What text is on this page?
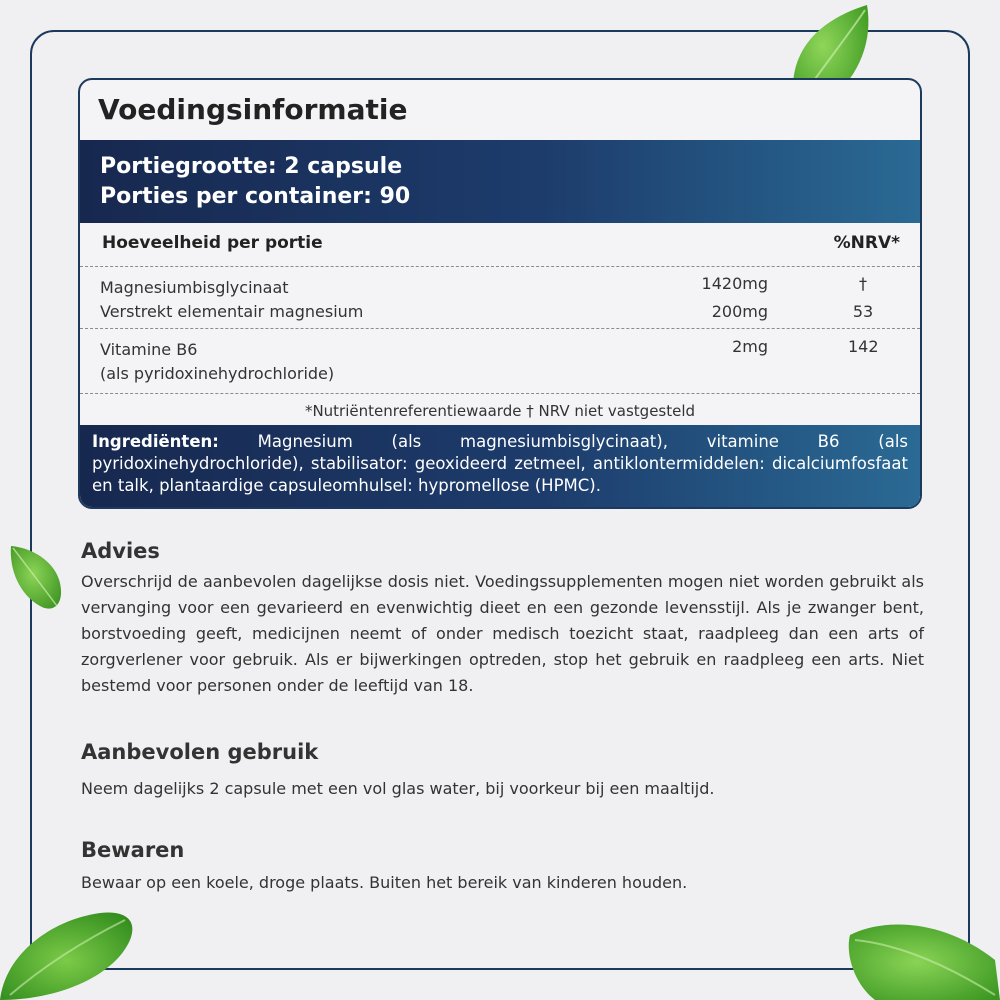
Voedingsinformatie
Portiegrootte: 2 capsule
Porties per container: 90
Hoeveelheid per portie	%NRV*
Magnesiumbisglycinaat	1420mg	†
Verstrekt elementair magnesium	200mg	53
Vitamine B6	2mg	142
(als pyridoxinehydrochloride)
*Nutriëntenreferentiewaarde † NRV niet vastgesteld
Ingrediënten: Magnesium (als magnesiumbisglycinaat), vitamine B6 (als pyridoxinehydrochloride), stabilisator: geoxideerd zetmeel, antiklontermiddelen: dicalciumfosfaat en talk, plantaardige capsuleomhulsel: hypromellose (HPMC).
Advies
Overschrijd de aanbevolen dagelijkse dosis niet. Voedingssupplementen mogen niet worden gebruikt als vervanging voor een gevarieerd en evenwichtig dieet en een gezonde levensstijl. Als je zwanger bent, borstvoeding geeft, medicijnen neemt of onder medisch toezicht staat, raadpleeg dan een arts of zorgverlener voor gebruik. Als er bijwerkingen optreden, stop het gebruik en raadpleeg een arts. Niet bestemd voor personen onder de leeftijd van 18.
Aanbevolen gebruik
Neem dagelijks 2 capsule met een vol glas water, bij voorkeur bij een maaltijd.
Bewaren
Bewaar op een koele, droge plaats. Buiten het bereik van kinderen houden.
